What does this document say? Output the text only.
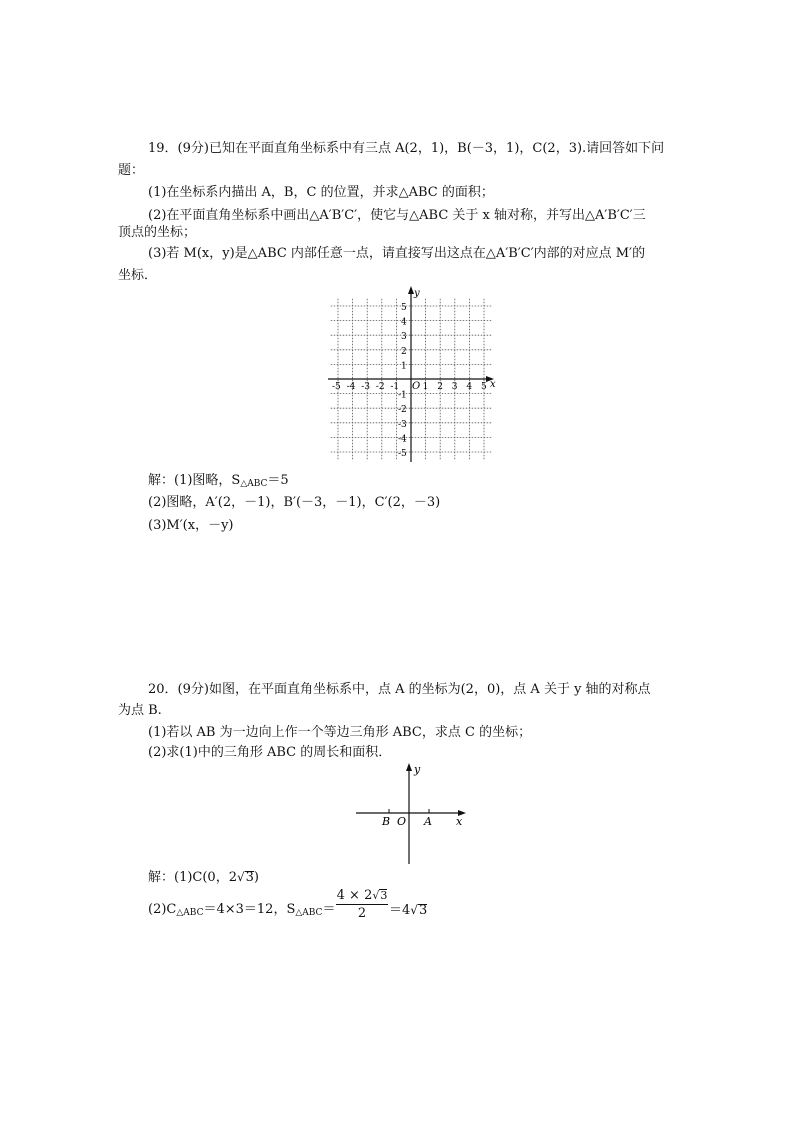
19．(9分)已知在平面直角坐标系中有三点 A(2，1)，B(－3，1)，C(2，3).请回答如下问
题：
(1)在坐标系内描出 A，B，C 的位置，并求△ABC 的面积；
(2)在平面直角坐标系中画出△A′B′C′，使它与△ABC 关于 x 轴对称，并写出△A′B′C′三
顶点的坐标；
(3)若 M(x，y)是△ABC 内部任意一点，请直接写出这点在△A′B′C′内部的对应点 M′的
坐标．
y
x
O
-5 -4 -3 -2 -1	1 2 3 4 5
5
4
3
2
1
-1
-2
-3
-4
-5
解：(1)图略，$S_{\triangle ABC}=5$
(2)图略，A′(2，－1)，B′(－3，－1)，C′(2，－3)
(3)M′(x，－y)
20．(9分)如图，在平面直角坐标系中，点 A 的坐标为(2，0)，点 A 关于 y 轴的对称点
为点 B.
(1)若以 AB 为一边向上作一个等边三角形 ABC，求点 C 的坐标；
(2)求(1)中的三角形 ABC 的周长和面积．
y
x
B O A
解：(1)C(0，2√3)
$(2)C_{\triangle ABC}=4\times 3=12$，$S_{\triangle ABC}= \frac{4 \times 2√3}{2} =4√3$
